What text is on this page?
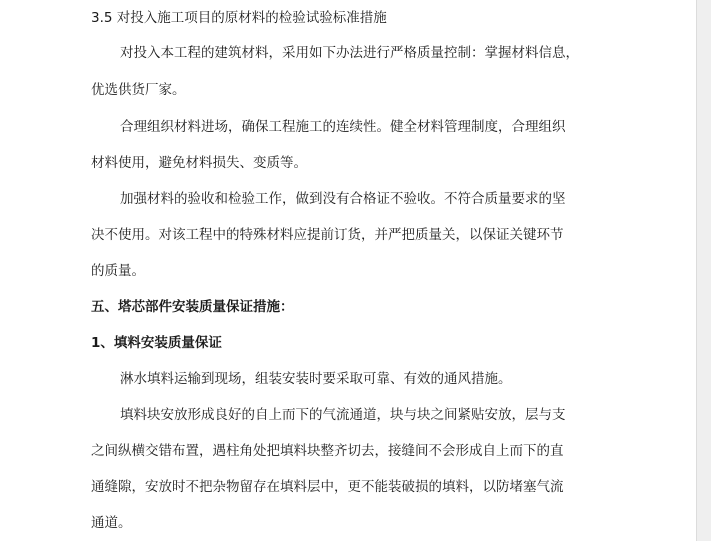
3.5 对投入施工项目的原材料的检验试验标准措施
对投入本工程的建筑材料，采用如下办法进行严格质量控制：掌握材料信息，
优选供货厂家。
合理组织材料进场，确保工程施工的连续性。健全材料管理制度，合理组织
材料使用，避免材料损失、变质等。
加强材料的验收和检验工作，做到没有合格证不验收。不符合质量要求的坚
决不使用。对该工程中的特殊材料应提前订货，并严把质量关，以保证关键环节
的质量。
五、塔芯部件安装质量保证措施：
1、填料安装质量保证
淋水填料运输到现场，组装安装时要采取可靠、有效的通风措施。
填料块安放形成良好的自上而下的气流通道，块与块之间紧贴安放，层与支
之间纵横交错布置，遇柱角处把填料块整齐切去，接缝间不会形成自上而下的直
通缝隙，安放时不把杂物留存在填料层中，更不能装破损的填料，以防堵塞气流
通道。
